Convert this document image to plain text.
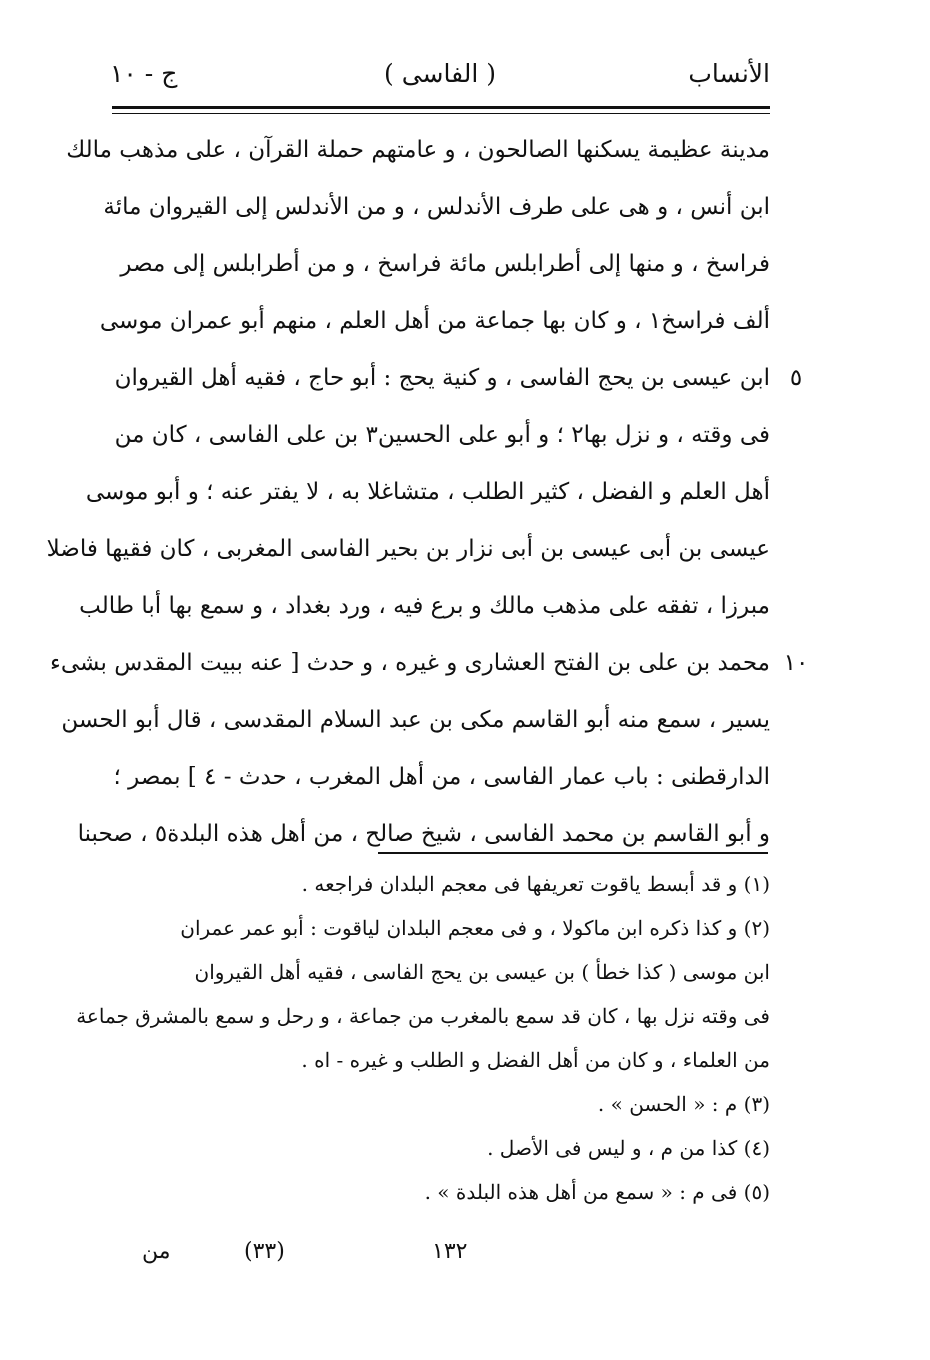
الأنساب
( الفاسى )
ج - ١٠
مدينة عظيمة يسكنها الصالحون ، و عامتهم حملة القرآن ، على مذهب مالك
ابن أنس ، و هى على طرف الأندلس ، و من الأندلس إلى القيروان مائة
فراسخ ، و منها إلى أطرابلس مائة فراسخ ، و من أطرابلس إلى مصر
ألف فراسخ١ ، و كان بها جماعة من أهل العلم ، منهم أبو عمران موسى
ابن عيسى بن يحج الفاسى ، و كنية يحج : أبو حاج ، فقيه أهل القيروان
فى وقته ، و نزل بها٢ ؛ و أبو على الحسين٣ بن على الفاسى ، كان من
أهل العلم و الفضل ، كثير الطلب ، متشاغلا به ، لا يفتر عنه ؛ و أبو موسى
عيسى بن أبى عيسى بن أبى نزار بن بحير الفاسى المغربى ، كان فقيها فاضلا
مبرزا ، تفقه على مذهب مالك و برع فيه ، ورد بغداد ، و سمع بها أبا طالب
محمد بن على بن الفتح العشارى و غيره ، و حدث [ عنه ببيت المقدس بشىء
يسير ، سمع منه أبو القاسم مكى بن عبد السلام المقدسى ، قال أبو الحسن
الدارقطنى : باب عمار الفاسى ، من أهل المغرب ، حدث - ٤ ] بمصر ؛
و أبو القاسم بن محمد الفاسى ، شيخ صالح ، من أهل هذه البلدة٥ ، صحبنا
٥
١٠
(١) و قد أبسط ياقوت تعريفها فى معجم البلدان فراجعه .
(٢) و كذا ذكره ابن ماكولا ، و فى معجم البلدان لياقوت : أبو عمر عمران
ابن موسى ( كذا خطأ ) بن عيسى بن يحج الفاسى ، فقيه أهل القيروان
فى وقته نزل بها ، كان قد سمع بالمغرب من جماعة ، و رحل و سمع بالمشرق جماعة
من العلماء ، و كان من أهل الفضل و الطلب و غيره - اه .
(٣) م : « الحسن » .
(٤) كذا من م ، و ليس فى الأصل .
(٥) فى م : « سمع من أهل هذه البلدة » .
١٣٢
(٣٣)
من
